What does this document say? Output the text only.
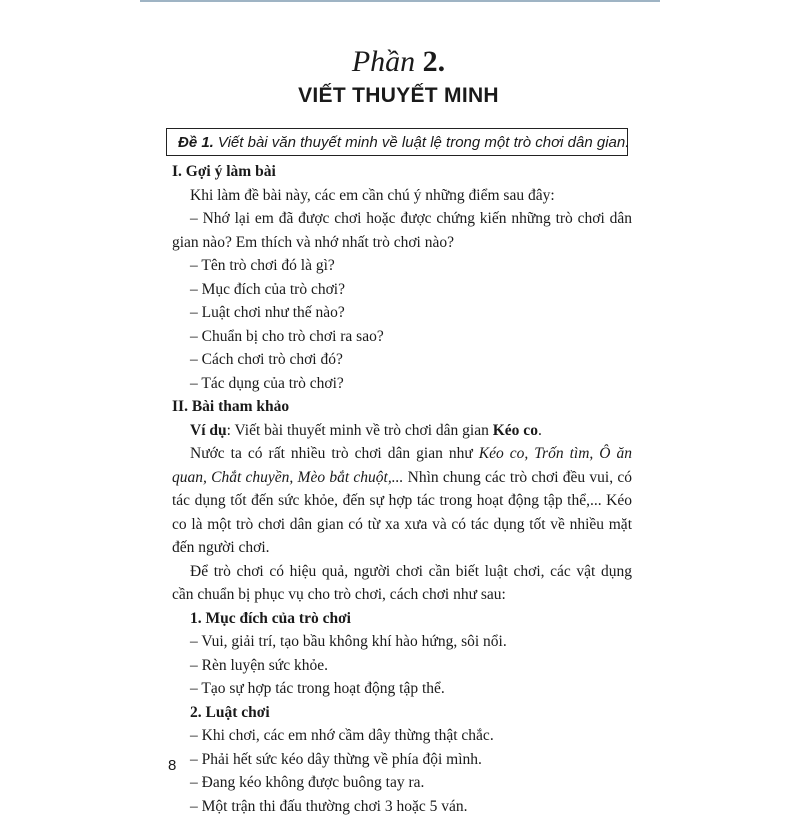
Phần 2.
VIẾT THUYẾT MINH
Đề 1. Viết bài văn thuyết minh về luật lệ trong một trò chơi dân gian.

I. Gợi ý làm bài

Khi làm đề bài này, các em cần chú ý những điểm sau đây:

– Nhớ lại em đã được chơi hoặc được chứng kiến những trò chơi dân gian nào? Em thích và nhớ nhất trò chơi nào?

– Tên trò chơi đó là gì?

– Mục đích của trò chơi?

– Luật chơi như thế nào?

– Chuẩn bị cho trò chơi ra sao?

– Cách chơi trò chơi đó?

– Tác dụng của trò chơi?

II. Bài tham khảo

Ví dụ: Viết bài thuyết minh về trò chơi dân gian Kéo co.

Nước ta có rất nhiều trò chơi dân gian như Kéo co, Trốn tìm, Ô ăn quan, Chắt chuyền, Mèo bắt chuột,... Nhìn chung các trò chơi đều vui, có tác dụng tốt đến sức khỏe, đến sự hợp tác trong hoạt động tập thể,... Kéo co là một trò chơi dân gian có từ xa xưa và có tác dụng tốt về nhiều mặt đến người chơi.

Để trò chơi có hiệu quả, người chơi cần biết luật chơi, các vật dụng cần chuẩn bị phục vụ cho trò chơi, cách chơi như sau:

1. Mục đích của trò chơi

– Vui, giải trí, tạo bầu không khí hào hứng, sôi nổi.

– Rèn luyện sức khỏe.

– Tạo sự hợp tác trong hoạt động tập thể.

2. Luật chơi

– Khi chơi, các em nhớ cầm dây thừng thật chắc.

– Phải hết sức kéo dây thừng về phía đội mình.

– Đang kéo không được buông tay ra.

– Một trận thi đấu thường chơi 3 hoặc 5 ván.

8
